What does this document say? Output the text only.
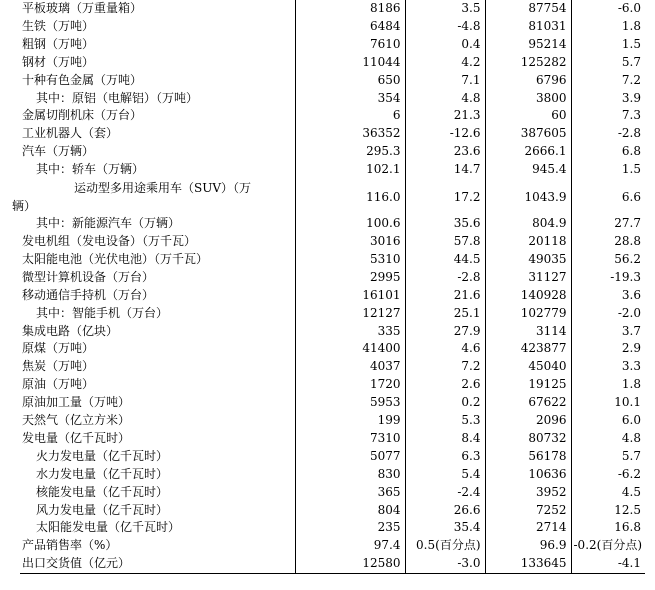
平板玻璃（万重量箱）	8186	3.5	87754	-6.0
生铁（万吨）	6484	-4.8	81031	1.8
粗钢（万吨）	7610	0.4	95214	1.5
钢材（万吨）	11044	4.2	125282	5.7
十种有色金属（万吨）	650	7.1	6796	7.2
其中：原铝（电解铝）（万吨）	354	4.8	3800	3.9
金属切削机床（万台）	6	21.3	60	7.3
工业机器人（套）	36352	-12.6	387605	-2.8
汽车（万辆）	295.3	23.6	2666.1	6.8
其中：轿车（万辆）	102.1	14.7	945.4	1.5

运动型多用途乘用车（SUV）（万
辆）	116.0	17.2	1043.9	6.6
其中：新能源汽车（万辆）	100.6	35.6	804.9	27.7
发电机组（发电设备）（万千瓦）	3016	57.8	20118	28.8
太阳能电池（光伏电池）（万千瓦）	5310	44.5	49035	56.2
微型计算机设备（万台）	2995	-2.8	31127	-19.3
移动通信手持机（万台）	16101	21.6	140928	3.6
其中：智能手机（万台）	12127	25.1	102779	-2.0
集成电路（亿块）	335	27.9	3114	3.7
原煤（万吨）	41400	4.6	423877	2.9
焦炭（万吨）	4037	7.2	45040	3.3
原油（万吨）	1720	2.6	19125	1.8
原油加工量（万吨）	5953	0.2	67622	10.1
天然气（亿立方米）	199	5.3	2096	6.0
发电量（亿千瓦时）	7310	8.4	80732	4.8
火力发电量（亿千瓦时）	5077	6.3	56178	5.7
水力发电量（亿千瓦时）	830	5.4	10636	-6.2
核能发电量（亿千瓦时）	365	-2.4	3952	4.5
风力发电量（亿千瓦时）	804	26.6	7252	12.5
太阳能发电量（亿千瓦时）	235	35.4	2714	16.8
产品销售率（%）	97.4	0.5(百分点)	96.9	-0.2(百分点)
出口交货值（亿元）	12580	-3.0	133645	-4.1
